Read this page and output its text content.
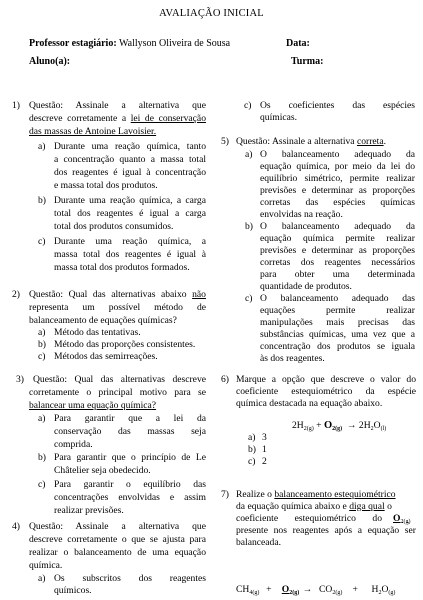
AVALIAÇÃO INICIAL
Professor estagiário: Wallyson Oliveira de Sousa	Data:
Aluno(a):	Turma:
1) Questão: Assinale a alternativa que
descreve corretamente a lei de conservação
das massas de Antoine Lavoisier.
a) Durante uma reação química, tanto
a concentração quanto a massa total
dos reagentes é igual à concentração
e massa total dos produtos.
b) Durante uma reação química, a carga
total dos reagentes é igual a carga
total dos produtos consumidos.
c) Durante uma reação química, a
massa total dos reagentes é igual à
massa total dos produtos formados.
2) Questão: Qual das alternativas abaixo não
representa um possível método de
balanceamento de equações químicas?
a) Método das tentativas.
b) Método das proporções consistentes.
c) Métodos das semirreações.
3) Questão: Qual das alternativas descreve
corretamente o principal motivo para se
balancear uma equação química?
a) Para garantir que a lei da
conservação das massas seja
comprida.
b) Para garantir que o princípio de Le
Châtelier seja obedecido.
c) Para garantir o equilíbrio das
concentrações envolvidas e assim
realizar previsões.
4) Questão: Assinale a alternativa que
descreve corretamente o que se ajusta para
realizar o balanceamento de uma equação
química.
a) Os subscritos dos reagentes
químicos.
c) Os coeficientes das espécies
químicas.
5) Questão: Assinale a alternativa correta.
a) O balanceamento adequado da
equação química, por meio da lei do
equilíbrio simétrico, permite realizar
previsões e determinar as proporções
corretas das espécies químicas
envolvidas na reação.
b) O balanceamento adequado da
equação química permite realizar
previsões e determinar as proporções
corretas dos reagentes necessários
para obter uma determinada
quantidade de produtos.
c) O balanceamento adequado das
equações permite realizar
manipulações mais precisas das
substâncias químicas, uma vez que a
concentração dos produtos se iguala
às dos reagentes.
6) Marque a opção que descreve o valor do
coeficiente estequiométrico da espécie
química destacada na equação abaixo.
$2H_{2(g)} + O_{2(g)} \to 2H_2O_{(l)}$
a) 3
b) 1
c) 2
7) Realize o balanceamento estequiométrico
da equação química abaixo e diga qual o
coeficiente estequiométrico do $O_{2(g)}$
presente nos reagentes após a equação ser
balanceada.
$CH_{4(g)} + O_{2(g)} \to CO_{2(g)}$   +    $H_2O_{(g)}$
